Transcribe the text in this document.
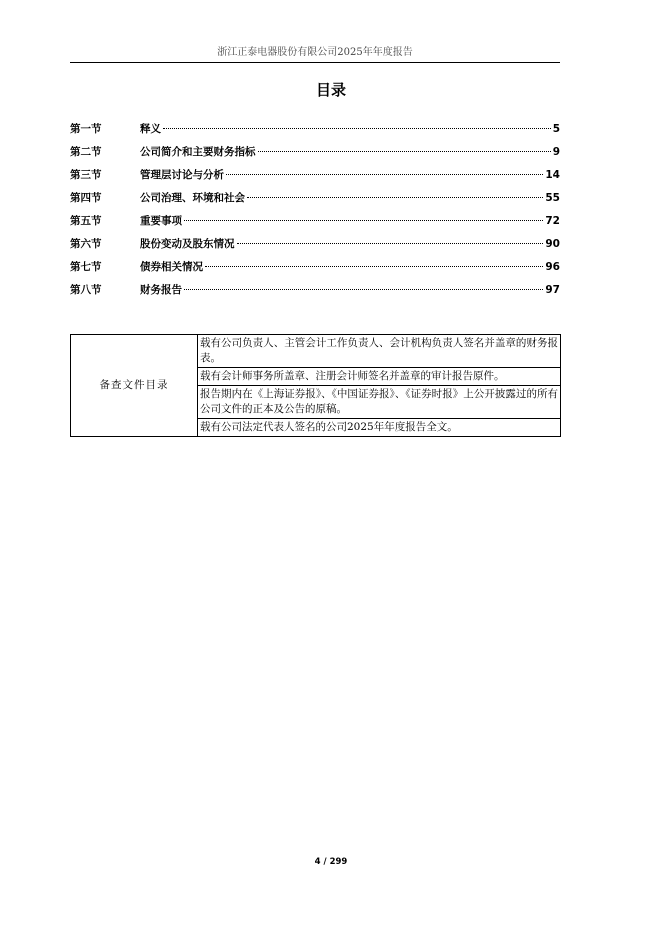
浙江正泰电器股份有限公司2025年年度报告
目录
第一节	释义	5
第二节	公司简介和主要财务指标	9
第三节	管理层讨论与分析	14
第四节	公司治理、环境和社会	55
第五节	重要事项	72
第六节	股份变动及股东情况	90
第七节	债券相关情况	96
第八节	财务报告	97
备查文件目录	载有公司负责人、主管会计工作负责人、会计机构负责人签名并盖章的财务报表。
载有会计师事务所盖章、注册会计师签名并盖章的审计报告原件。
报告期内在《上海证券报》、《中国证券报》、《证券时报》上公开披露过的所有公司文件的正本及公告的原稿。
载有公司法定代表人签名的公司2025年年度报告全文。
4 / 299
